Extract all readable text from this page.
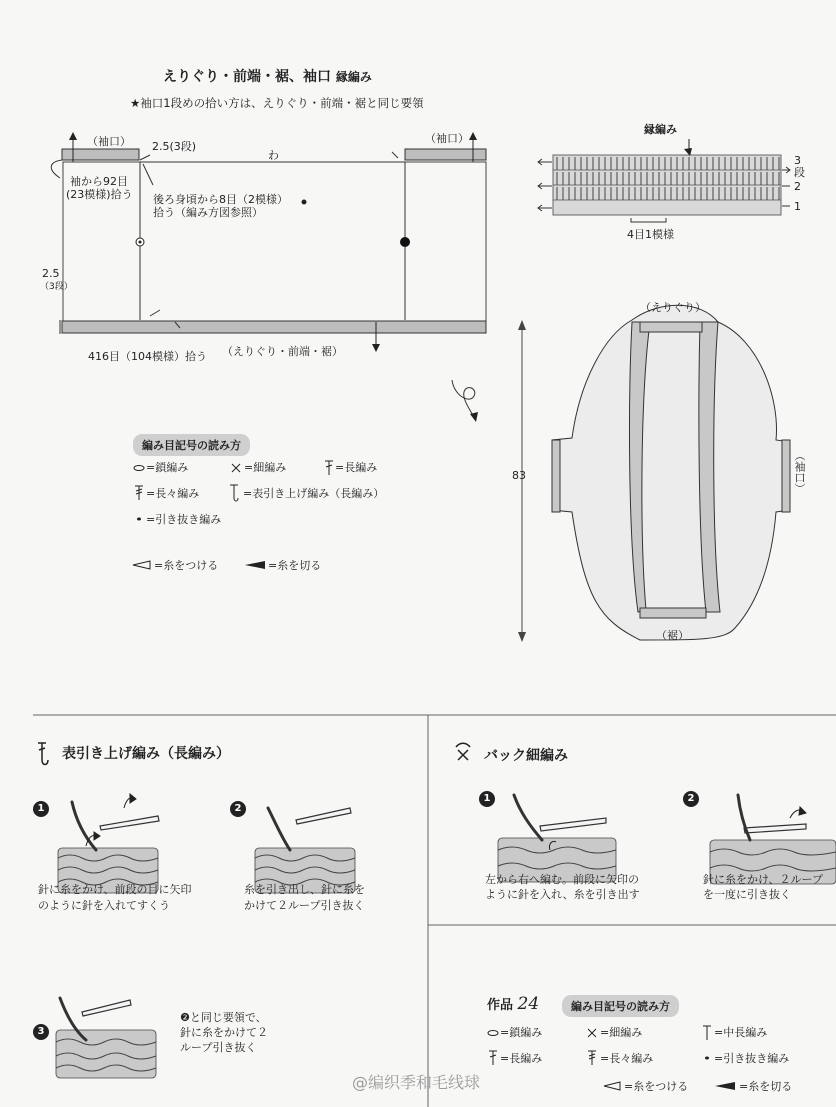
えりぐり・前端・裾、袖口 縁編み
★袖口1段めの拾い方は、えりぐり・前端・裾と同じ要領
（袖口）	（袖口）
2.5(3段)
わ
袖から92目
(23模様)拾う 後ろ身頃から8目（2模様）
拾う（編み方図参照）
2.5
（3段）
416目（104模様）拾う （えりぐり・前端・裾）
縁編み
3
段
2
1
4目1模様
（えりぐり）
（袖口）
（裾）
83
編み目記号の読み方
=鎖編み	=細編み	=長編み
=長々編み	=表引き上げ編み（長編み）
=引き抜き編み
=糸をつける	=糸を切る
表引き上げ編み（長編み）
1	2
3
針に糸をかけ、前段の目に矢印
のように針を入れてすくう
糸を引き出し、針に糸を
かけて２ループ引き抜く
❷と同じ要領で、
針に糸をかけて２
ループ引き抜く
バック細編み
1	2
左から右へ編む。前段に矢印の
ように針を入れ、糸を引き出す
針に糸をかけ、２ループ
を一度に引き抜く
作品 24	編み目記号の読み方
=鎖編み	=細編み	=中長編み
=長編み	=長々編み	=引き抜き編み
=糸をつける	=糸を切る
@编织季和毛线球
